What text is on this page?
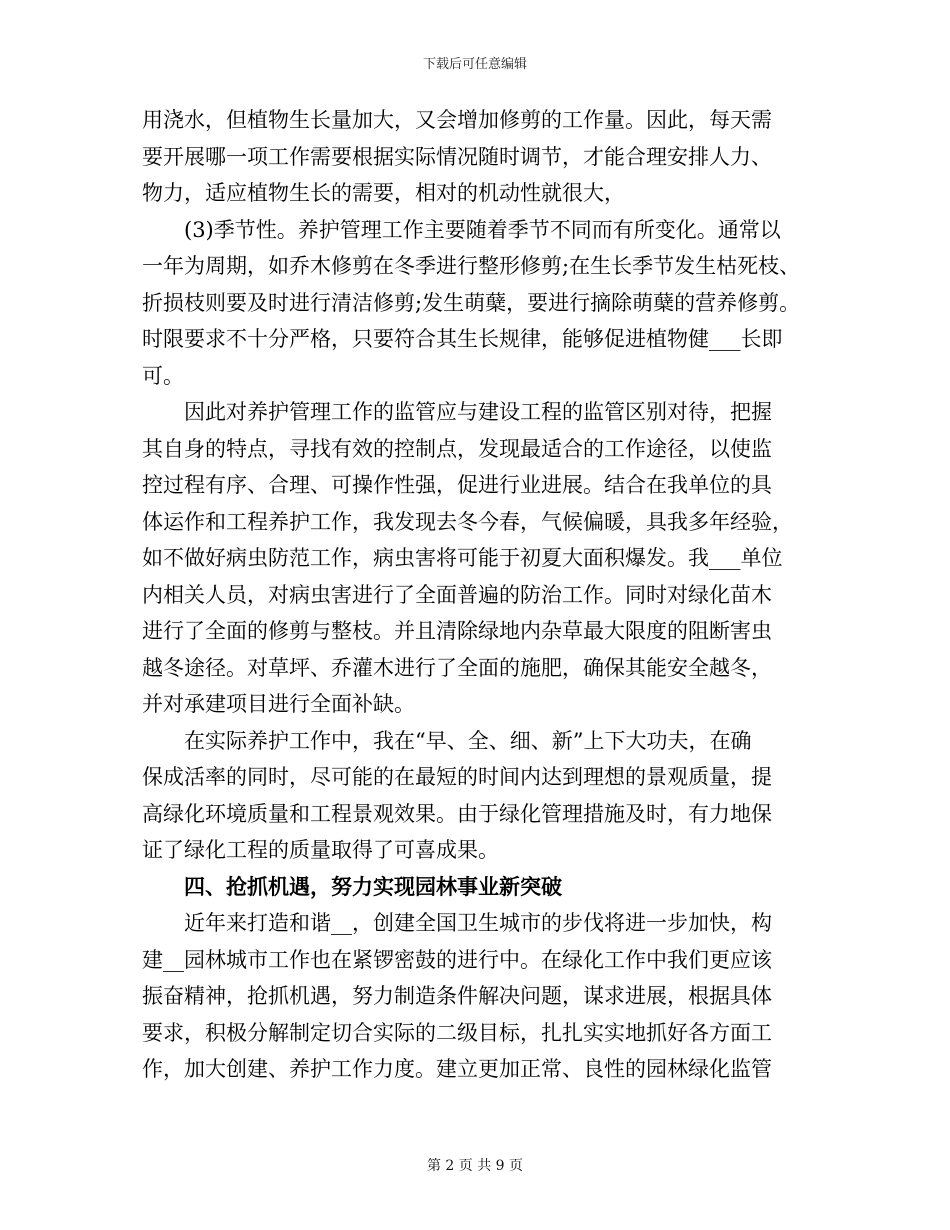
下载后可任意编辑
用浇水，但植物生长量加大，又会增加修剪的工作量。因此，每天需
要开展哪一项工作需要根据实际情况随时调节，才能合理安排人力、
物力，适应植物生长的需要，相对的机动性就很大，
(3)季节性。养护管理工作主要随着季节不同而有所变化。通常以
一年为周期，如乔木修剪在冬季进行整形修剪;在生长季节发生枯死枝、
折损枝则要及时进行清洁修剪;发生萌蘖，要进行摘除萌蘖的营养修剪。
时限要求不十分严格，只要符合其生长规律，能够促进植物健___长即
可。
因此对养护管理工作的监管应与建设工程的监管区别对待，把握
其自身的特点，寻找有效的控制点，发现最适合的工作途径，以使监
控过程有序、合理、可操作性强，促进行业进展。结合在我单位的具
体运作和工程养护工作，我发现去冬今春，气候偏暖，具我多年经验，
如不做好病虫防范工作，病虫害将可能于初夏大面积爆发。我___单位
内相关人员，对病虫害进行了全面普遍的防治工作。同时对绿化苗木
进行了全面的修剪与整枝。并且清除绿地内杂草最大限度的阻断害虫
越冬途径。对草坪、乔灌木进行了全面的施肥，确保其能安全越冬，
并对承建项目进行全面补缺。
在实际养护工作中，我在“早、全、细、新”上下大功夫，在确
保成活率的同时，尽可能的在最短的时间内达到理想的景观质量，提
高绿化环境质量和工程景观效果。由于绿化管理措施及时，有力地保
证了绿化工程的质量取得了可喜成果。
四、抢抓机遇，努力实现园林事业新突破
近年来打造和谐__，创建全国卫生城市的步伐将进一步加快，构
建__园林城市工作也在紧锣密鼓的进行中。在绿化工作中我们更应该
振奋精神，抢抓机遇，努力制造条件解决问题，谋求进展，根据具体
要求，积极分解制定切合实际的二级目标，扎扎实实地抓好各方面工
作，加大创建、养护工作力度。建立更加正常、良性的园林绿化监管
第 2 页 共 9 页
